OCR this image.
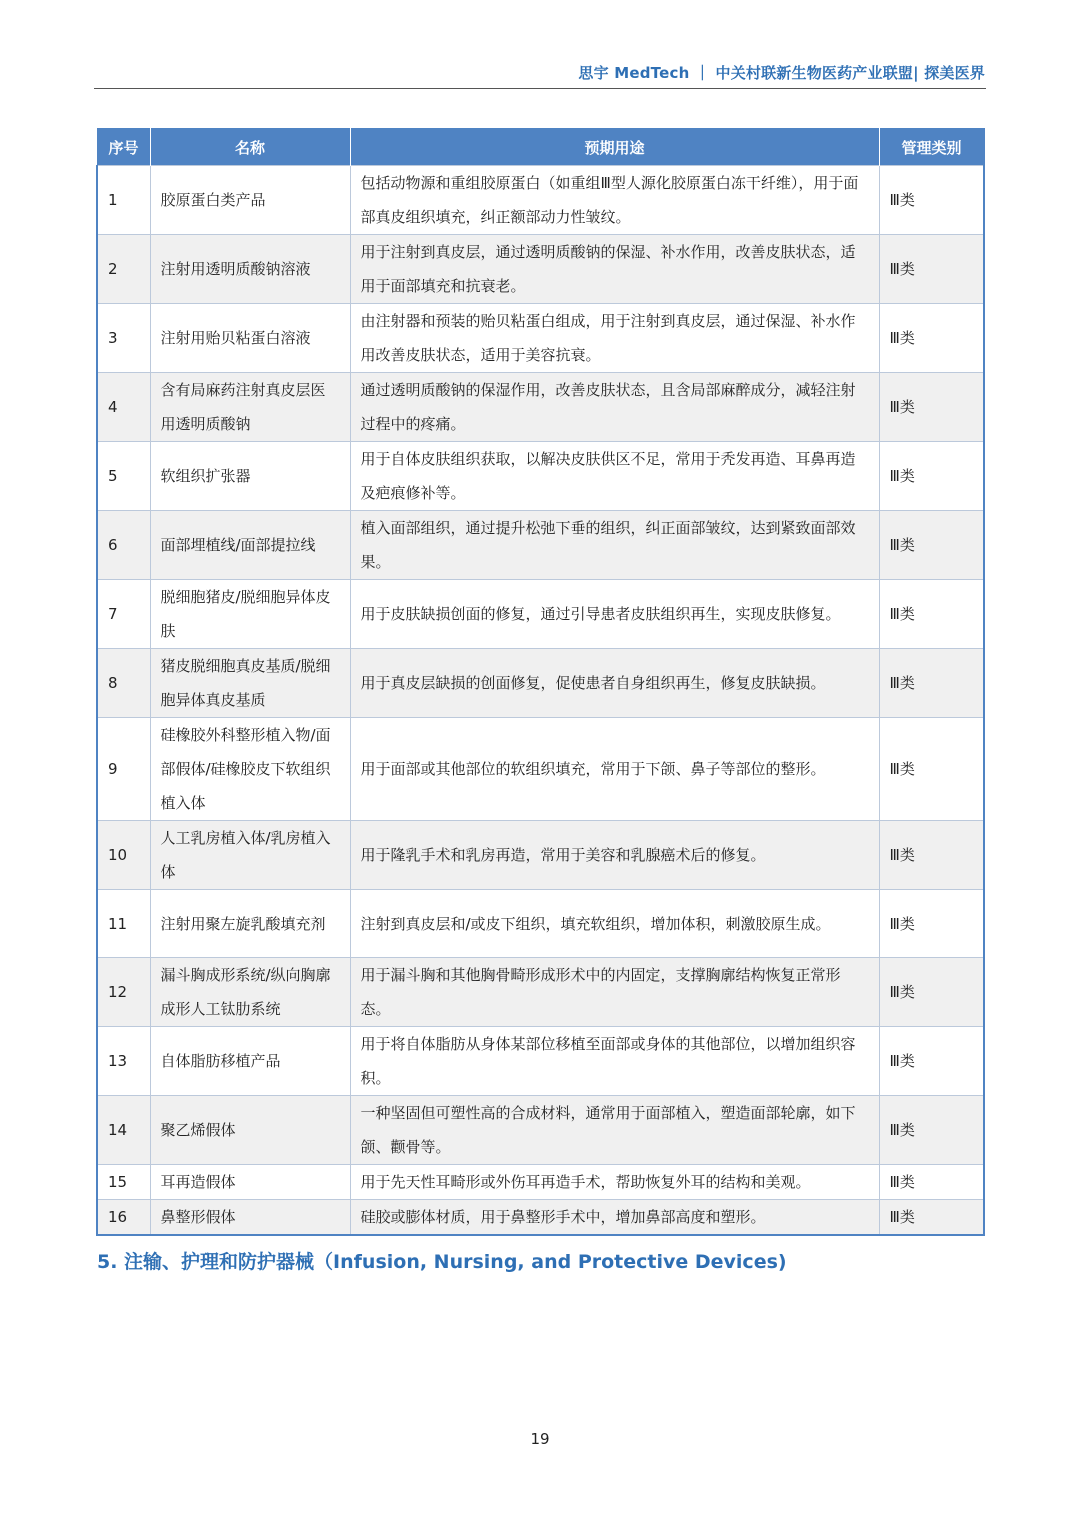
思宇 MedTech ｜ 中关村联新生物医药产业联盟| 探美医界
序号	名称	预期用途	管理类别
1	胶原蛋白类产品	包括动物源和重组胶原蛋白（如重组Ⅲ型人源化胶原蛋白冻干纤维），用于面部真皮组织填充，纠正额部动力性皱纹。	Ⅲ类
2	注射用透明质酸钠溶液	用于注射到真皮层，通过透明质酸钠的保湿、补水作用，改善皮肤状态，适用于面部填充和抗衰老。	Ⅲ类
3	注射用贻贝粘蛋白溶液	由注射器和预装的贻贝粘蛋白组成，用于注射到真皮层，通过保湿、补水作用改善皮肤状态，适用于美容抗衰。	Ⅲ类
4	含有局麻药注射真皮层医用透明质酸钠	通过透明质酸钠的保湿作用，改善皮肤状态，且含局部麻醉成分，减轻注射过程中的疼痛。	Ⅲ类
5	软组织扩张器	用于自体皮肤组织获取，以解决皮肤供区不足，常用于秃发再造、耳鼻再造及疤痕修补等。	Ⅲ类
6	面部埋植线/面部提拉线	植入面部组织，通过提升松弛下垂的组织，纠正面部皱纹，达到紧致面部效果。	Ⅲ类
7	脱细胞猪皮/脱细胞异体皮肤	用于皮肤缺损创面的修复，通过引导患者皮肤组织再生，实现皮肤修复。	Ⅲ类
8	猪皮脱细胞真皮基质/脱细胞异体真皮基质	用于真皮层缺损的创面修复，促使患者自身组织再生，修复皮肤缺损。	Ⅲ类
9	硅橡胶外科整形植入物/面部假体/硅橡胶皮下软组织植入体	用于面部或其他部位的软组织填充，常用于下颌、鼻子等部位的整形。	Ⅲ类
10	人工乳房植入体/乳房植入体	用于隆乳手术和乳房再造，常用于美容和乳腺癌术后的修复。	Ⅲ类
11	注射用聚左旋乳酸填充剂	注射到真皮层和/或皮下组织，填充软组织，增加体积，刺激胶原生成。	Ⅲ类
12	漏斗胸成形系统/纵向胸廓成形人工钛肋系统	用于漏斗胸和其他胸骨畸形成形术中的内固定，支撑胸廓结构恢复正常形态。	Ⅲ类
13	自体脂肪移植产品	用于将自体脂肪从身体某部位移植至面部或身体的其他部位，以增加组织容积。	Ⅲ类
14	聚乙烯假体	一种坚固但可塑性高的合成材料，通常用于面部植入，塑造面部轮廓，如下颌、颧骨等。	Ⅲ类
15	耳再造假体	用于先天性耳畸形或外伤耳再造手术，帮助恢复外耳的结构和美观。	Ⅲ类
16	鼻整形假体	硅胶或膨体材质，用于鼻整形手术中，增加鼻部高度和塑形。	Ⅲ类
5. 注输、护理和防护器械（Infusion, Nursing, and Protective Devices)
19
